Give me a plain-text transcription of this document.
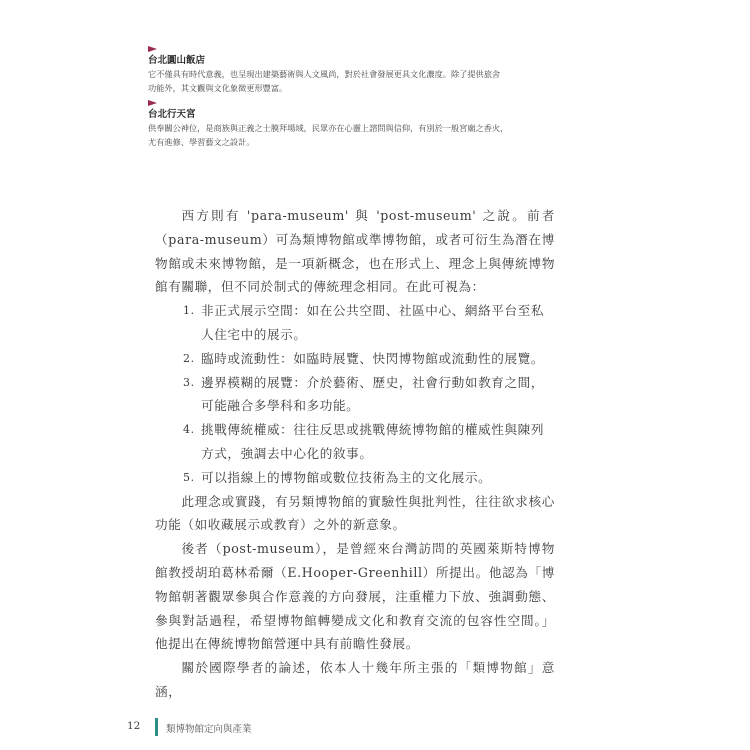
台北圓山飯店
它不僅具有時代意義，也呈現出建築藝術與人文風尚，對於社會發展更具文化濃度。除了提供旅舍
功能外，其文觀與文化象徵更形豐富。
台北行天宮
供奉關公神位，是商族與正義之士膜拜場域，民眾亦在心靈上諮問與信仰，有別於一般宮廟之香火，
尤有進修、學習藝文之設計。

西方則有 'para-museum' 與 'post-museum' 之說。前者（para-museum）可為類博物館或準博物館，或者可衍生為潛在博物館或未來博物館，是一項新概念，也在形式上、理念上與傳統博物館有關聯，但不同於制式的傳統理念相同。在此可視為：

1. 非正式展示空間：如在公共空間、社區中心、網絡平台至私人住宅中的展示。
2. 臨時或流動性：如臨時展覽、快閃博物館或流動性的展覽。
3. 邊界模糊的展覽：介於藝術、歷史，社會行動如教育之間，可能融合多學科和多功能。
4. 挑戰傳統權威：往往反思或挑戰傳統博物館的權威性與陳列方式，強調去中心化的敘事。
5. 可以指線上的博物館或數位技術為主的文化展示。

此理念或實踐，有另類博物館的實驗性與批判性，往往欲求核心功能（如收藏展示或教育）之外的新意象。

後者（post-museum），是曾經來台灣訪問的英國萊斯特博物館教授胡珀葛林希爾（E.Hooper-Greenhill）所提出。他認為「博物館朝著觀眾參與合作意義的方向發展，注重權力下放、強調動態、參與對話過程，希望博物館轉變成文化和教育交流的包容性空間。」他提出在傳統博物館營運中具有前瞻性發展。

關於國際學者的論述，依本人十幾年所主張的「類博物館」意涵，

12	類博物館定向與產業
